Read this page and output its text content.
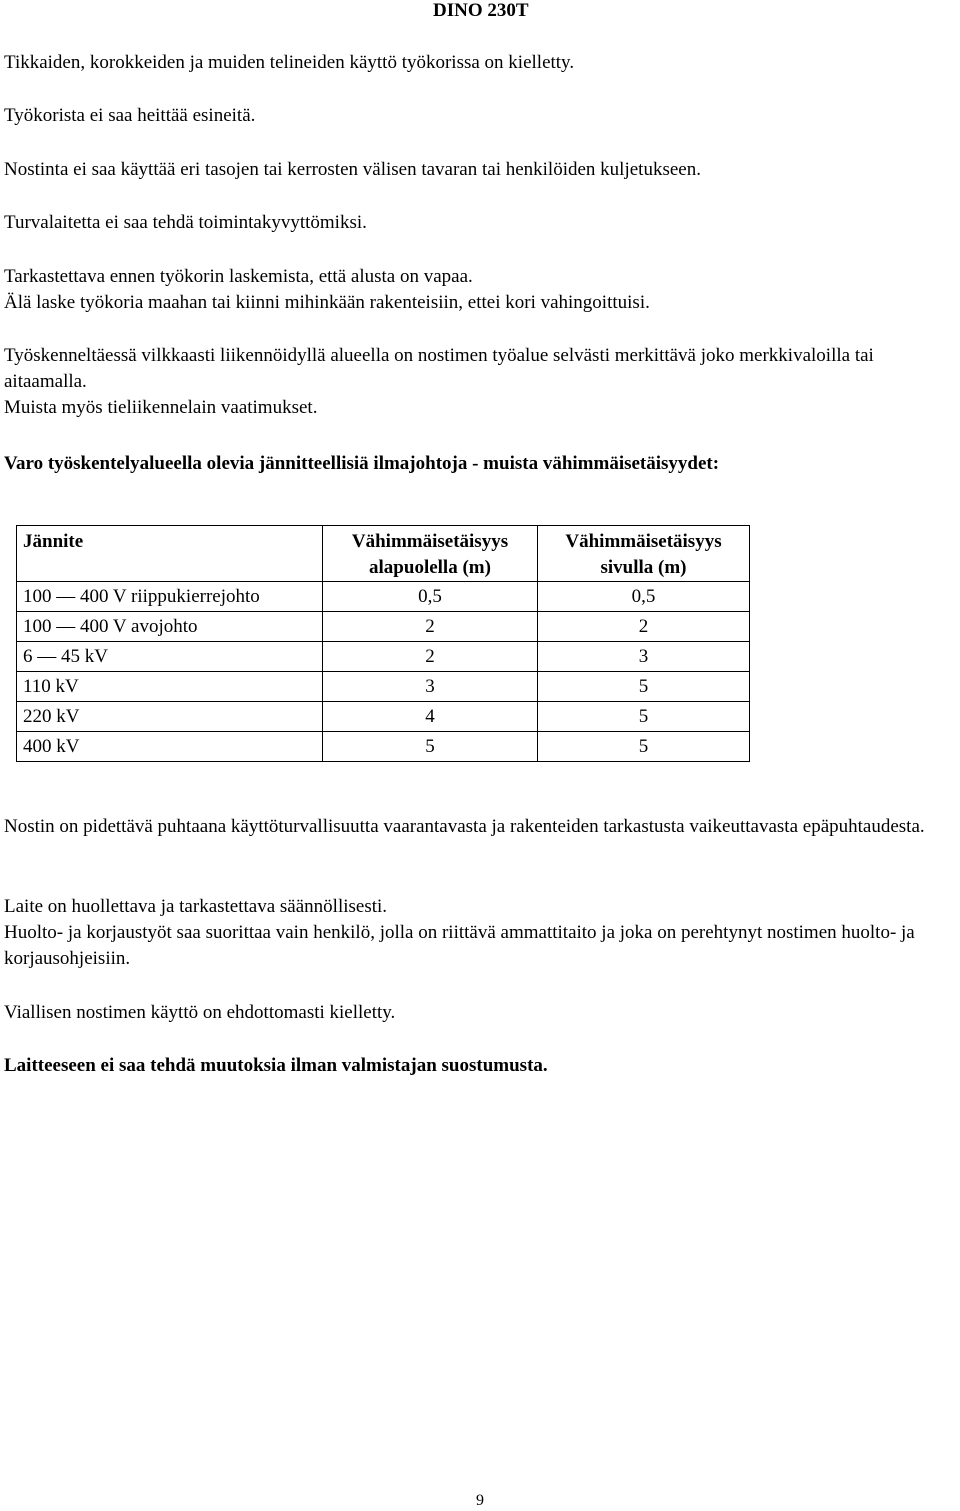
DINO 230T

Tikkaiden, korokkeiden ja muiden telineiden käyttö työkorissa on kielletty.

Työkorista ei saa heittää esineitä.

Nostinta ei saa käyttää eri tasojen tai kerrosten välisen tavaran tai henkilöiden kuljetukseen.

Turvalaitetta ei saa tehdä toimintakyvyttömiksi.

Tarkastettava ennen työkorin laskemista, että alusta on vapaa.

Älä laske työkoria maahan tai kiinni mihinkään rakenteisiin, ettei kori vahingoittuisi.

Työskenneltäessä vilkkaasti liikennöidyllä alueella on nostimen työalue selvästi merkittävä joko merkkivaloilla tai aitaamalla.

Muista myös tieliikennelain vaatimukset.

Varo työskentelyalueella olevia jännitteellisiä ilmajohtoja - muista vähimmäisetäisyydet:

Jännite	Vähimmäisetäisyys alapuolella (m)	Vähimmäisetäisyys sivulla (m)
100 — 400 V riippukierrejohto	0,5	0,5
100 — 400 V avojohto	2	2
6 — 45 kV	2	3
110 kV	3	5
220 kV	4	5
400 kV	5	5

Nostin on pidettävä puhtaana käyttöturvallisuutta vaarantavasta ja rakenteiden tarkastusta vaikeuttavasta epäpuhtaudesta.

Laite on huollettava ja tarkastettava säännöllisesti.

Huolto- ja korjaustyöt saa suorittaa vain henkilö, jolla on riittävä ammattitaito ja joka on perehtynyt nostimen huolto- ja korjausohjeisiin.

Viallisen nostimen käyttö on ehdottomasti kielletty.

Laitteeseen ei saa tehdä muutoksia ilman valmistajan suostumusta.

9
